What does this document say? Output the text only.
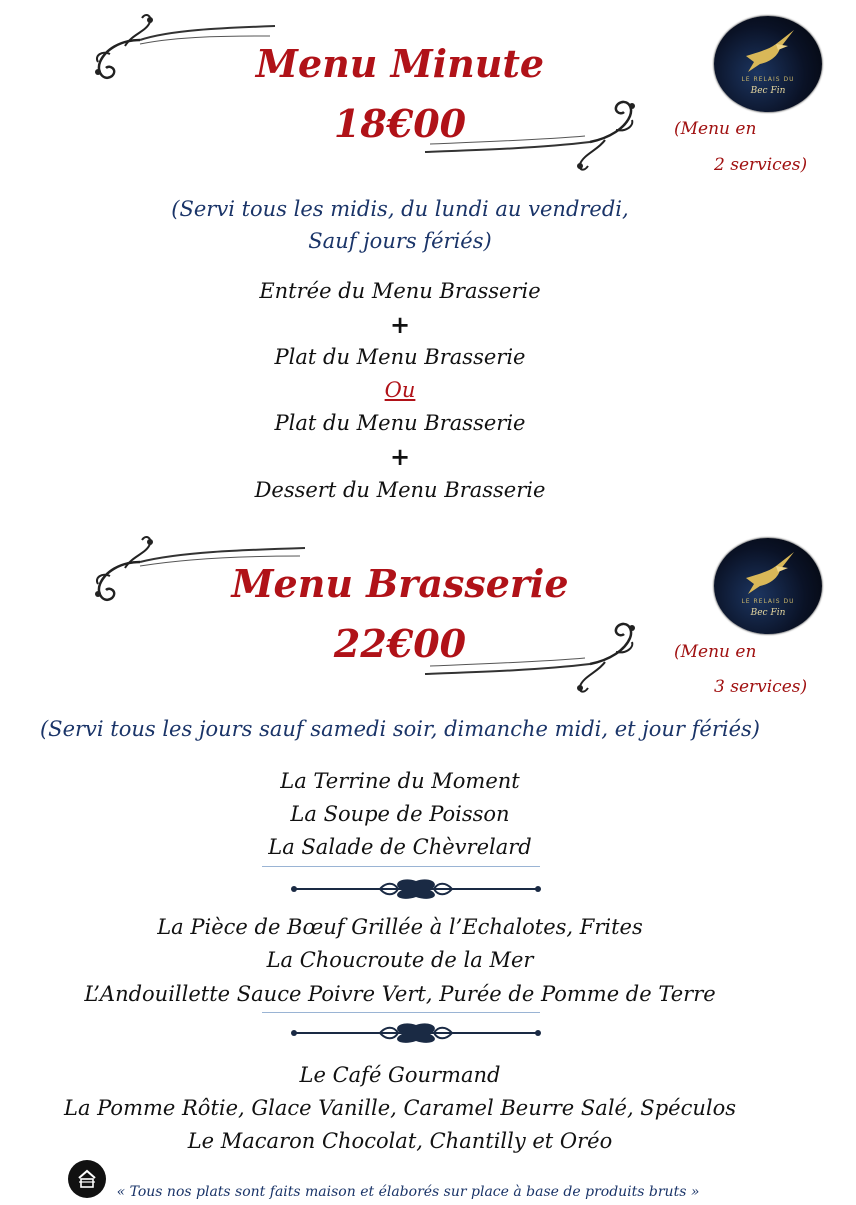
LE RELAIS DU
Bec Fin
Menu Minute
18€00	(Menu en
2 services)
(Servi tous les midis, du lundi au vendredi,
Sauf jours fériés)
Entrée du Menu Brasserie
+
Plat du Menu Brasserie
Ou
Plat du Menu Brasserie
+
Dessert du Menu Brasserie
LE RELAIS DU
Bec Fin
Menu Brasserie
22€00	(Menu en
3 services)
(Servi tous les jours sauf samedi soir, dimanche midi, et jour fériés)
La Terrine du Moment
La Soupe de Poisson
La Salade de Chèvrelard
La Pièce de Bœuf Grillée à l’Echalotes, Frites
La Choucroute de la Mer
L’Andouillette Sauce Poivre Vert, Purée de Pomme de Terre
Le Café Gourmand
La Pomme Rôtie, Glace Vanille, Caramel Beurre Salé, Spéculos
Le Macaron Chocolat, Chantilly et Oréo
« Tous nos plats sont faits maison et élaborés sur place à base de produits bruts »
